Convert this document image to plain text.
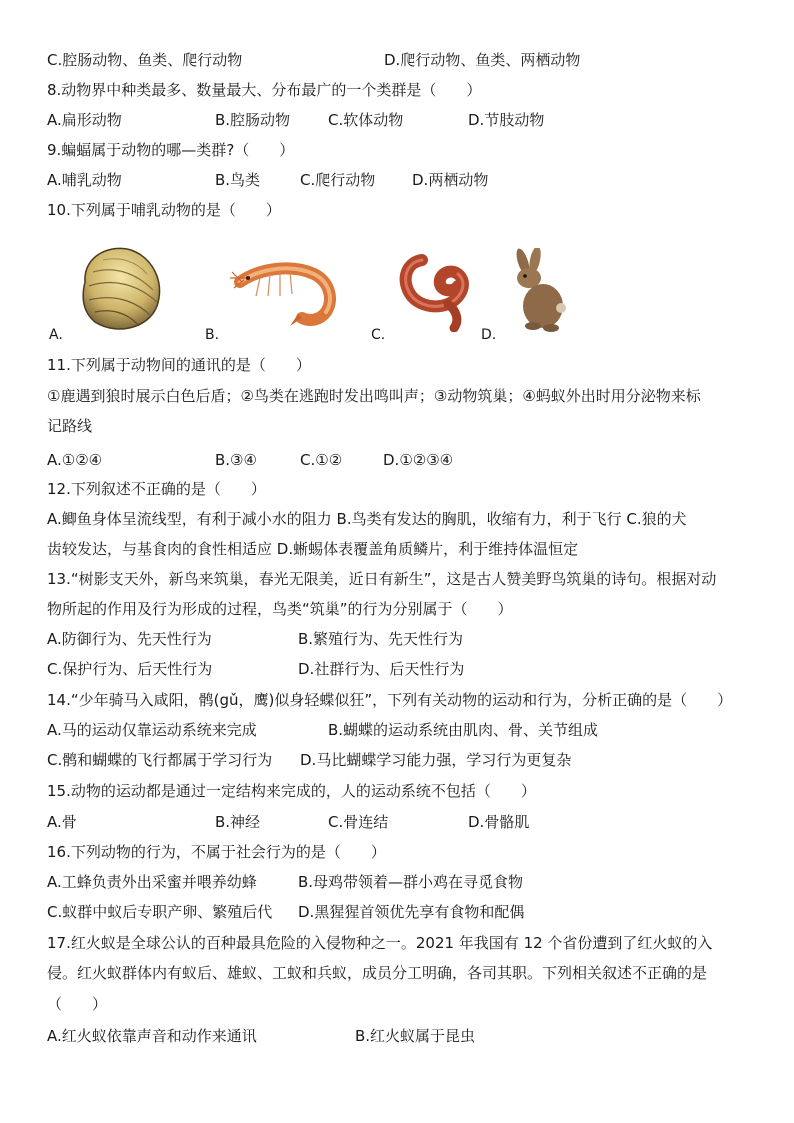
C.腔肠动物、鱼类、爬行动物	D.爬行动物、鱼类、两栖动物
8.动物界中种类最多、数量最大、分布最广的一个类群是（　　）
A.扁形动物	B.腔肠动物	C.软体动物	D.节肢动物
9.蝙蝠属于动物的哪—类群?（　　）
A.哺乳动物	B.鸟类	C.爬行动物 D.两栖动物
10.下列属于哺乳动物的是（　　）
A.	B.	C.	D.
11.下列属于动物间的通讯的是（　　）
①鹿遇到狼时展示白色后盾；②鸟类在逃跑时发出鸣叫声；③动物筑巢；④蚂蚁外出时用分泌物来标
记路线
A.①②④	B.③④	C.①②	D.①②③④
12.下列叙述不正确的是（　　）
A.鲫鱼身体呈流线型，有利于减小水的阻力 B.鸟类有发达的胸肌，收缩有力，利于飞行 C.狼的犬
齿较发达，与基食肉的食性相适应 D.蜥蜴体表覆盖角质鳞片，利于维持体温恒定
13.“树影支天外，新鸟来筑巢，春光无限美，近日有新生”，这是古人赞美野鸟筑巢的诗句。根据对动
物所起的作用及行为形成的过程，鸟类“筑巢”的行为分别属于（　　）
A.防御行为、先天性行为	B.繁殖行为、先天性行为
C.保护行为、后天性行为	D.社群行为、后天性行为
14.“少年骑马入咸阳，鹘(gǔ，鹰)似身轻蝶似狂”，下列有关动物的运动和行为，分析正确的是（　　）
A.马的运动仅靠运动系统来完成	B.蝴蝶的运动系统由肌肉、骨、关节组成
C.鹘和蝴蝶的飞行都属于学习行为 D.马比蝴蝶学习能力强，学习行为更复杂
15.动物的运动都是通过一定结构来完成的，人的运动系统不包括（　　）
A.骨	B.神经	C.骨连结	D.骨骼肌
16.下列动物的行为，不属于社会行为的是（　　）
A.工蜂负责外出采蜜并喂养幼蜂	B.母鸡带领着—群小鸡在寻觅食物
C.蚁群中蚁后专职产卵、繁殖后代 D.黑猩猩首领优先享有食物和配偶
17.红火蚁是全球公认的百种最具危险的入侵物种之一。2021 年我国有 12 个省份遭到了红火蚁的入
侵。红火蚁群体内有蚁后、雄蚁、工蚁和兵蚁，成员分工明确，各司其职。下列相关叙述不正确的是
（　　）
A.红火蚁依靠声音和动作来通讯	B.红火蚁属于昆虫
